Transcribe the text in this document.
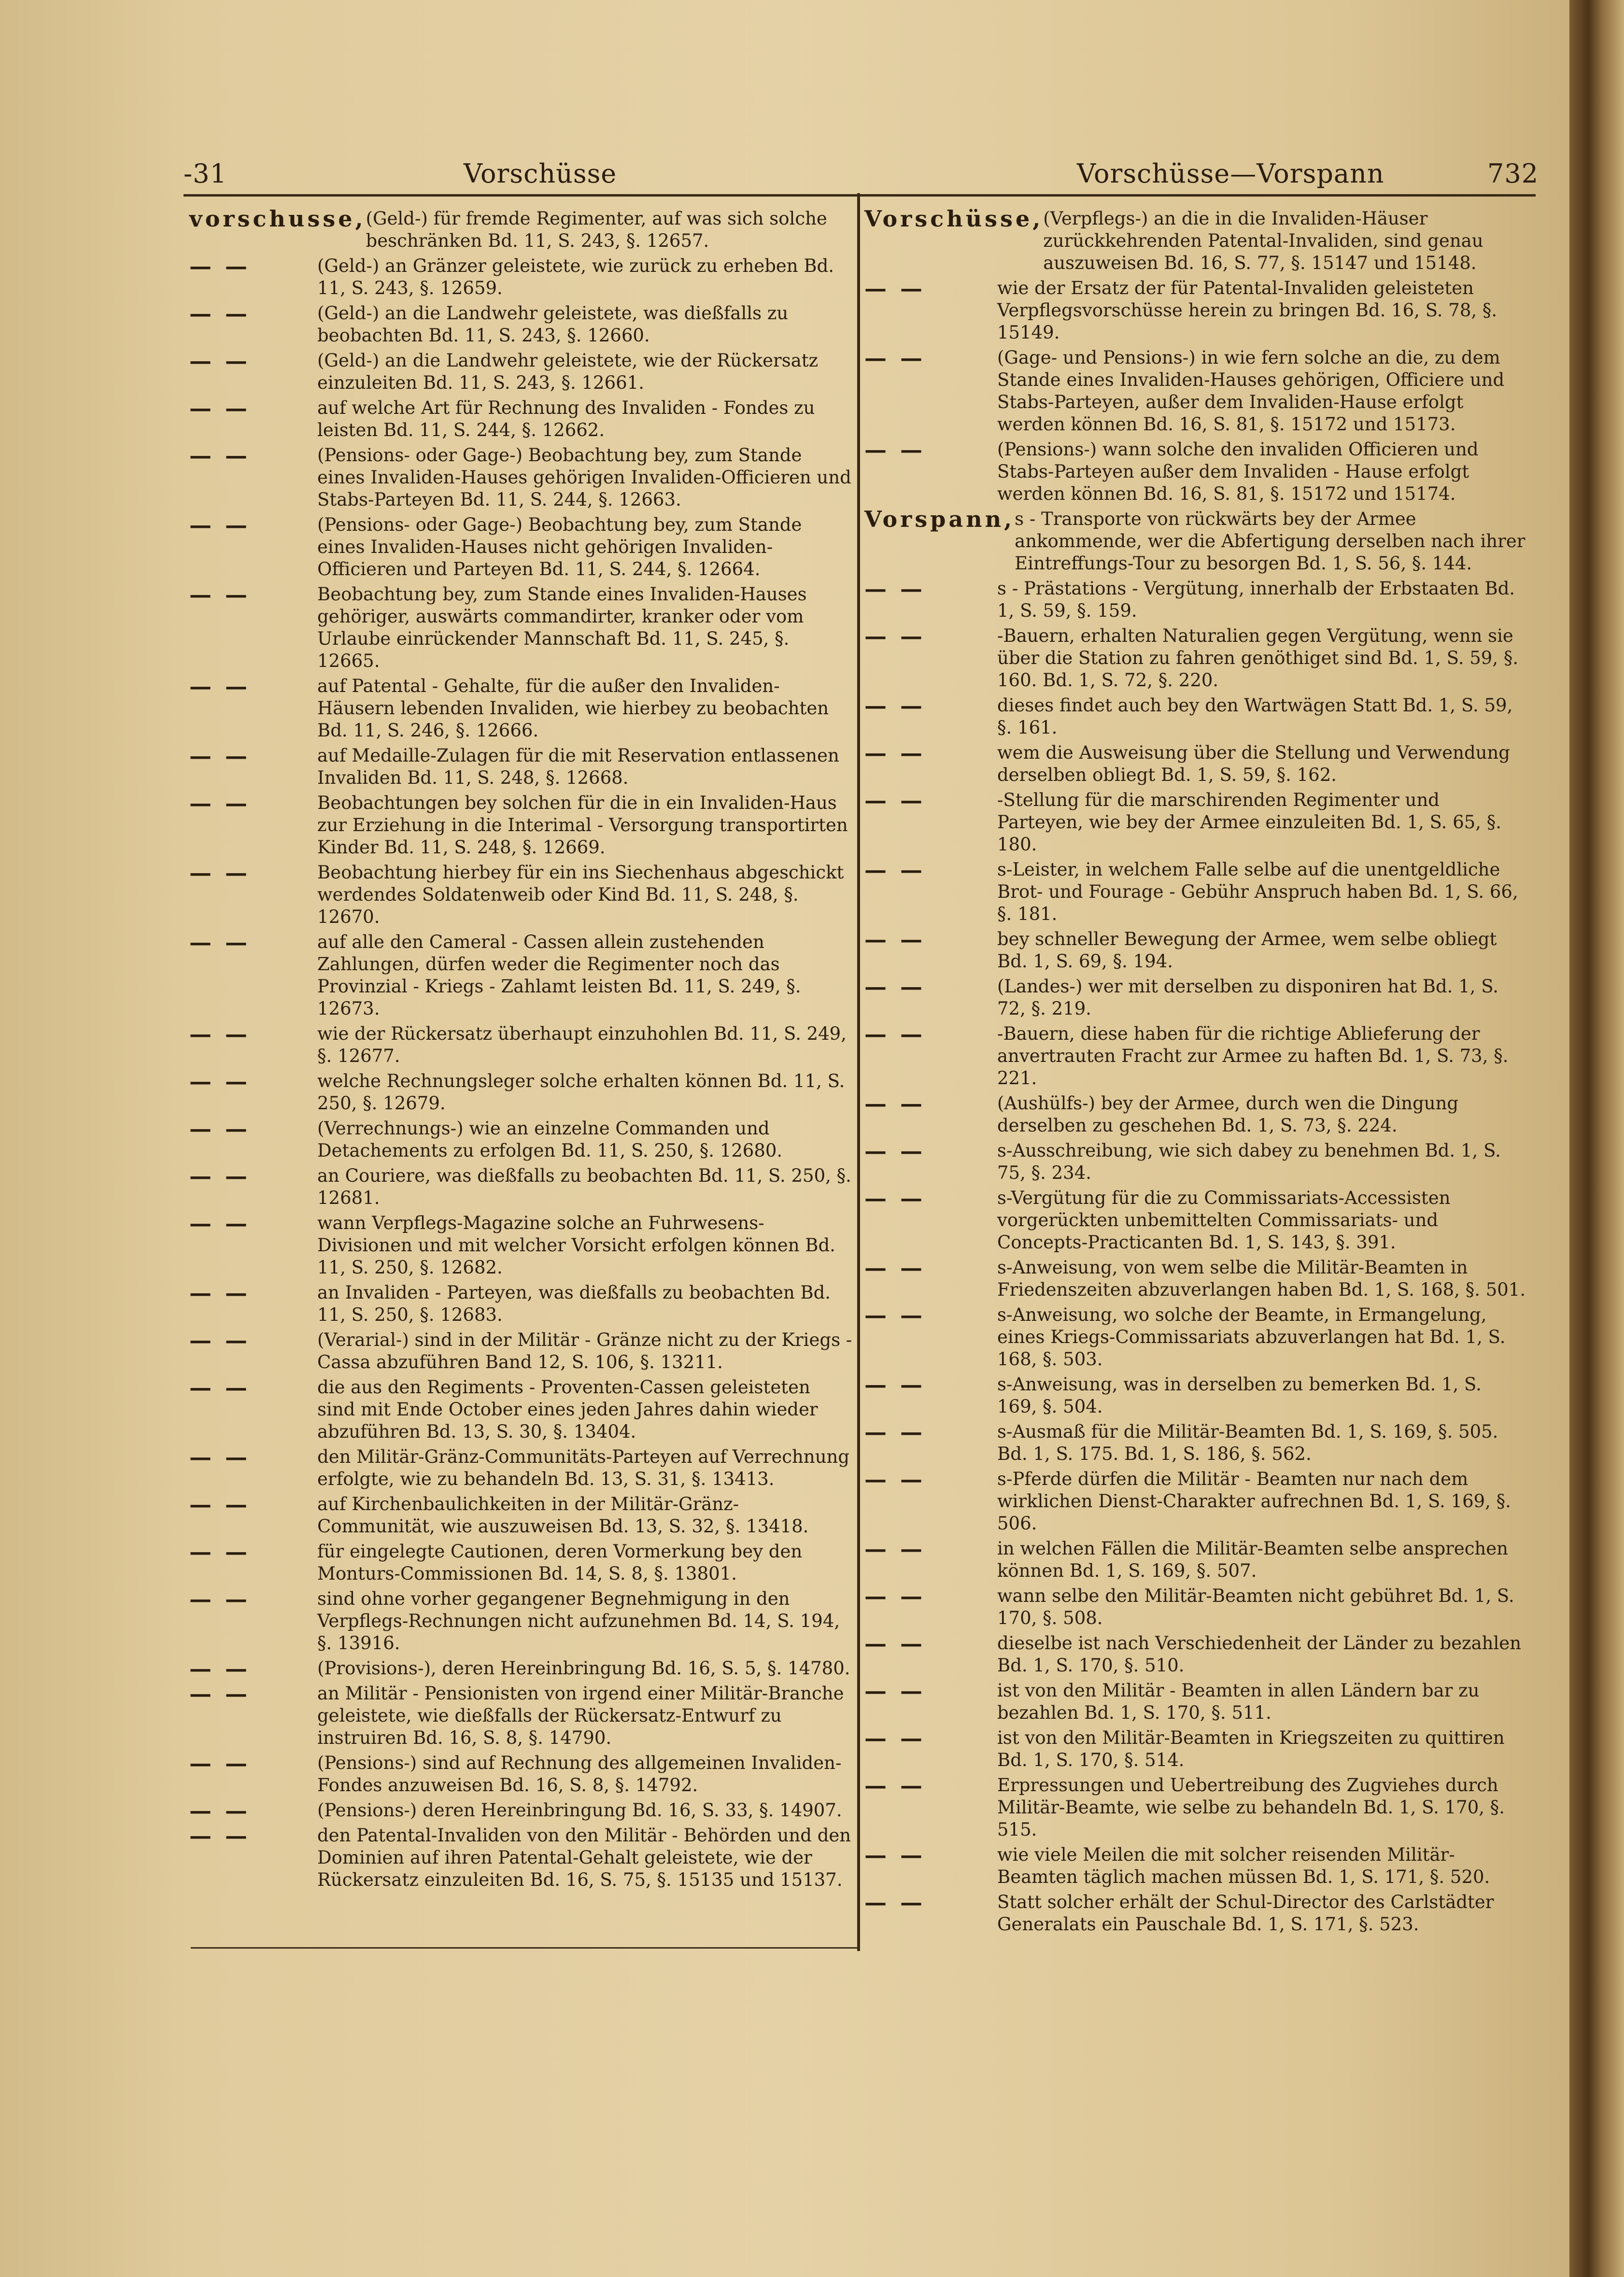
-31	Vorschüsse	Vorschüsse—Vorspann	732
vorschusse, (Geld-) für fremde Regimenter, auf was sich solche beschränken Bd. 11, S. 243, §. 12657.
— —	(Geld-) an Gränzer geleistete, wie zurück zu erheben Bd. 11, S. 243, §. 12659.
— —	(Geld-) an die Landwehr geleistete, was dießfalls zu beobachten Bd. 11, S. 243, §. 12660.
— —	(Geld-) an die Landwehr geleistete, wie der Rückersatz einzuleiten Bd. 11, S. 243, §. 12661.
— —	auf welche Art für Rechnung des Invaliden - Fondes zu leisten Bd. 11, S. 244, §. 12662.
— —	(Pensions- oder Gage-) Beobachtung bey, zum Stande eines Invaliden-Hauses gehörigen Invaliden-Officieren und Stabs-Parteyen Bd. 11, S. 244, §. 12663.
— —	(Pensions- oder Gage-) Beobachtung bey, zum Stande eines Invaliden-Hauses nicht gehörigen Invaliden-Officieren und Parteyen Bd. 11, S. 244, §. 12664.
— —	Beobachtung bey, zum Stande eines Invaliden-Hauses gehöriger, auswärts commandirter, kranker oder vom Urlaube einrückender Mannschaft Bd. 11, S. 245, §. 12665.
— —	auf Patental - Gehalte, für die außer den Invaliden-Häusern lebenden Invaliden, wie hierbey zu beobachten Bd. 11, S. 246, §. 12666.
— —	auf Medaille-Zulagen für die mit Reservation entlassenen Invaliden Bd. 11, S. 248, §. 12668.
— —	Beobachtungen bey solchen für die in ein Invaliden-Haus zur Erziehung in die Interimal - Versorgung transportirten Kinder Bd. 11, S. 248, §. 12669.
— —	Beobachtung hierbey für ein ins Siechenhaus abgeschickt werdendes Soldatenweib oder Kind Bd. 11, S. 248, §. 12670.
— —	auf alle den Cameral - Cassen allein zustehenden Zahlungen, dürfen weder die Regimenter noch das Provinzial - Kriegs - Zahlamt leisten Bd. 11, S. 249, §. 12673.
— —	wie der Rückersatz überhaupt einzuhohlen Bd. 11, S. 249, §. 12677.
— —	welche Rechnungsleger solche erhalten können Bd. 11, S. 250, §. 12679.
— —	(Verrechnungs-) wie an einzelne Commanden und Detachements zu erfolgen Bd. 11, S. 250, §. 12680.
— —	an Couriere, was dießfalls zu beobachten Bd. 11, S. 250, §. 12681.
— —	wann Verpflegs-Magazine solche an Fuhrwesens-Divisionen und mit welcher Vorsicht erfolgen können Bd. 11, S. 250, §. 12682.
— —	an Invaliden - Parteyen, was dießfalls zu beobachten Bd. 11, S. 250, §. 12683.
— —	(Verarial-) sind in der Militär - Gränze nicht zu der Kriegs - Cassa abzuführen Band 12, S. 106, §. 13211.
— —	die aus den Regiments - Proventen-Cassen geleisteten sind mit Ende October eines jeden Jahres dahin wieder abzuführen Bd. 13, S. 30, §. 13404.
— —	den Militär-Gränz-Communitäts-Parteyen auf Verrechnung erfolgte, wie zu behandeln Bd. 13, S. 31, §. 13413.
— —	auf Kirchenbaulichkeiten in der Militär-Gränz-Communität, wie auszuweisen Bd. 13, S. 32, §. 13418.
— —	für eingelegte Cautionen, deren Vormerkung bey den Monturs-Commissionen Bd. 14, S. 8, §. 13801.
— —	sind ohne vorher gegangener Begnehmigung in den Verpflegs-Rechnungen nicht aufzunehmen Bd. 14, S. 194, §. 13916.
— —	(Provisions-), deren Hereinbringung Bd. 16, S. 5, §. 14780.
— —	an Militär - Pensionisten von irgend einer Militär-Branche geleistete, wie dießfalls der Rückersatz-Entwurf zu instruiren Bd. 16, S. 8, §. 14790.
— —	(Pensions-) sind auf Rechnung des allgemeinen Invaliden-Fondes anzuweisen Bd. 16, S. 8, §. 14792.
— —	(Pensions-) deren Hereinbringung Bd. 16, S. 33, §. 14907.
— —	den Patental-Invaliden von den Militär - Behörden und den Dominien auf ihren Patental-Gehalt geleistete, wie der Rückersatz einzuleiten Bd. 16, S. 75, §. 15135 und 15137.
Vorschüsse, (Verpflegs-) an die in die Invaliden-Häuser zurückkehrenden Patental-Invaliden, sind genau auszuweisen Bd. 16, S. 77, §. 15147 und 15148.
— —	wie der Ersatz der für Patental-Invaliden geleisteten Verpflegsvorschüsse herein zu bringen Bd. 16, S. 78, §. 15149.
— —	(Gage- und Pensions-) in wie fern solche an die, zu dem Stande eines Invaliden-Hauses gehörigen, Officiere und Stabs-Parteyen, außer dem Invaliden-Hause erfolgt werden können Bd. 16, S. 81, §. 15172 und 15173.
— —	(Pensions-) wann solche den invaliden Officieren und Stabs-Parteyen außer dem Invaliden - Hause erfolgt werden können Bd. 16, S. 81, §. 15172 und 15174.
Vorspann, s - Transporte von rückwärts bey der Armee ankommende, wer die Abfertigung derselben nach ihrer Eintreffungs-Tour zu besorgen Bd. 1, S. 56, §. 144.
— —	s - Prästations - Vergütung, innerhalb der Erbstaaten Bd. 1, S. 59, §. 159.
— —	-Bauern, erhalten Naturalien gegen Vergütung, wenn sie über die Station zu fahren genöthiget sind Bd. 1, S. 59, §. 160. Bd. 1, S. 72, §. 220.
— —	dieses findet auch bey den Wartwägen Statt Bd. 1, S. 59, §. 161.
— —	wem die Ausweisung über die Stellung und Verwendung derselben obliegt Bd. 1, S. 59, §. 162.
— —	-Stellung für die marschirenden Regimenter und Parteyen, wie bey der Armee einzuleiten Bd. 1, S. 65, §. 180.
— —	s-Leister, in welchem Falle selbe auf die unentgeldliche Brot- und Fourage - Gebühr Anspruch haben Bd. 1, S. 66, §. 181.
— —	bey schneller Bewegung der Armee, wem selbe obliegt Bd. 1, S. 69, §. 194.
— —	(Landes-) wer mit derselben zu disponiren hat Bd. 1, S. 72, §. 219.
— —	-Bauern, diese haben für die richtige Ablieferung der anvertrauten Fracht zur Armee zu haften Bd. 1, S. 73, §. 221.
— —	(Aushülfs-) bey der Armee, durch wen die Dingung derselben zu geschehen Bd. 1, S. 73, §. 224.
— —	s-Ausschreibung, wie sich dabey zu benehmen Bd. 1, S. 75, §. 234.
— —	s-Vergütung für die zu Commissariats-Accessisten vorgerückten unbemittelten Commissariats- und Concepts-Practicanten Bd. 1, S. 143, §. 391.
— —	s-Anweisung, von wem selbe die Militär-Beamten in Friedenszeiten abzuverlangen haben Bd. 1, S. 168, §. 501.
— —	s-Anweisung, wo solche der Beamte, in Ermangelung, eines Kriegs-Commissariats abzuverlangen hat Bd. 1, S. 168, §. 503.
— —	s-Anweisung, was in derselben zu bemerken Bd. 1, S. 169, §. 504.
— —	s-Ausmaß für die Militär-Beamten Bd. 1, S. 169, §. 505. Bd. 1, S. 175. Bd. 1, S. 186, §. 562.
— —	s-Pferde dürfen die Militär - Beamten nur nach dem wirklichen Dienst-Charakter aufrechnen Bd. 1, S. 169, §. 506.
— —	in welchen Fällen die Militär-Beamten selbe ansprechen können Bd. 1, S. 169, §. 507.
— —	wann selbe den Militär-Beamten nicht gebühret Bd. 1, S. 170, §. 508.
— —	dieselbe ist nach Verschiedenheit der Länder zu bezahlen Bd. 1, S. 170, §. 510.
— —	ist von den Militär - Beamten in allen Ländern bar zu bezahlen Bd. 1, S. 170, §. 511.
— —	ist von den Militär-Beamten in Kriegszeiten zu quittiren Bd. 1, S. 170, §. 514.
— —	Erpressungen und Uebertreibung des Zugviehes durch Militär-Beamte, wie selbe zu behandeln Bd. 1, S. 170, §. 515.
— —	wie viele Meilen die mit solcher reisenden Militär-Beamten täglich machen müssen Bd. 1, S. 171, §. 520.
— —	Statt solcher erhält der Schul-Director des Carlstädter Generalats ein Pauschale Bd. 1, S. 171, §. 523.
